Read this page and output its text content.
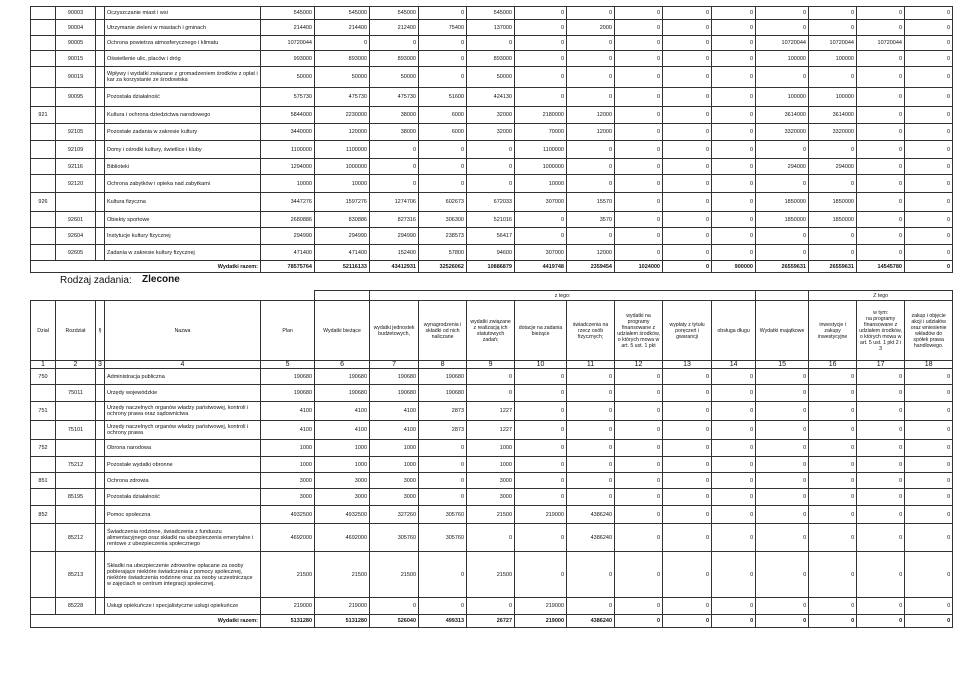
	90003		Oczyszczanie miast i wsi	545000	545000	545000	0	545000	0	0	0	0	0	0	0	0	0
	90004		Utrzymanie zieleni w miastach i gminach	214400	214400	212400	75400	137000	0	2000	0	0	0	0	0	0	0
	90005		Ochrona powietrza atmosferycznego i klimatu	10720044	0	0	0	0	0	0	0	0	0	10720044	10720044	10720044	0
	90015		Oświetlenie ulic, placów i dróg	993000	893000	893000	0	893000	0	0	0	0	0	100000	100000	0	0
	90019		Wpływy i wydatki związane z gromadzeniem środków z opłat i kar za korzystanie ze środowiska	50000	50000	50000	0	50000	0	0	0	0	0	0	0	0	0
	90095		Pozostała działalność	575730	475730	475730	51600	424130	0	0	0	0	0	100000	100000	0	0
921			Kultura i ochrona dziedzictwa narodowego	5844000	2230000	38000	6000	32000	2180000	12000	0	0	0	3614000	3614000	0	0
	92105		Pozostałe zadania w zakresie kultury	3440000	120000	38000	6000	32000	70000	12000	0	0	0	3320000	3320000	0	0
	92109		Domy i ośrodki kultury, świetlice i kluby	1100000	1100000	0	0	0	1100000	0	0	0	0	0	0	0	0
	92116		Biblioteki	1294000	1000000	0	0	0	1000000	0	0	0	0	294000	294000	0	0
	92120		Ochrona zabytków i opieka nad zabytkami	10000	10000	0	0	0	10000	0	0	0	0	0	0	0	0
926			Kultura fizyczna	3447276	1597276	1274706	602673	672033	307000	15570	0	0	0	1850000	1850000	0	0
	92601		Obiekty sportowe	2680886	830886	827316	306300	521016	0	3570	0	0	0	1850000	1850000	0	0
	92604		Instytucje kultury fizycznej	294990	294990	294990	238573	56417	0	0	0	0	0	0	0	0	0
	92605		Zadania w zakresie kultury fizycznej	471400	471400	152400	57800	94600	307000	12000	0	0	0	0	0	0	0
Wydatki razem:				78575764	52116133	43412931	32526062	10886879	4419748	2359454	1024000	0	900000	26559631	26559631	14545780	0
Rodzaj zadania: Zlecone
						z tego:									Z tego		
Dział	Rozdział	§	Nazwa	Plan	Wydatki bieżące	wydatki jednostek budżetowych,	wynagrodzenia i składki od nich naliczane	wydatki związane z realizacją ich statutowych zadań;	dotacje na zadania bieżące	świadczenia na rzecz osób fizycznych;	wydatki na programy finansowane z udziałem środków, o których mowa w art. 5 ust. 1 pkt	wypłaty z tytułu poręczeń i gwarancji	obsługa długu	Wydatki majątkowe	inwestycje i zakupy inwestycyjne	w tym:
na programy finansowane z udziałem środków, o których mowa w art. 5 ust. 1 pkt 2 i 3	zakup i objęcie akcji i udziałów oraz wniesienie wkładów do spółek prawa handlowego.
1	2	3	4	5	6	7	8	9	10	11	12	13	14	15	16	17	18
750			Administracja publiczna	190680	190680	190680	190680	0	0	0	0	0	0	0	0	0	0
	75011		Urzędy wojewódzkie	190680	190680	190680	190680	0	0	0	0	0	0	0	0	0	0
751			Urzędy naczelnych organów władzy państwowej, kontroli i ochrony prawa oraz sądownictwa	4100	4100	4100	2873	1227	0	0	0	0	0	0	0	0	0
	75101		Urzędy naczelnych organów władzy państwowej, kontroli i ochrony prawa	4100	4100	4100	2873	1227	0	0	0	0	0	0	0	0	0
752			Obrona narodowa	1000	1000	1000	0	1000	0	0	0	0	0	0	0	0	0
	75212		Pozostałe wydatki obronne	1000	1000	1000	0	1000	0	0	0	0	0	0	0	0	0
851			Ochrona zdrowia	3000	3000	3000	0	3000	0	0	0	0	0	0	0	0	0
	85195		Pozostała działalność	3000	3000	3000	0	3000	0	0	0	0	0	0	0	0	0
852			Pomoc społeczna	4932500	4932500	327260	305760	21500	219000	4386240	0	0	0	0	0	0	0
	85212		Świadczenia rodzinne, świadczenia z funduszu alimentacyjnego oraz składki na ubezpieczenia emerytalne i rentowe z ubezpieczenia społecznego	4692000	4692000	305760	305760	0	0	4386240	0	0	0	0	0	0	0
	85213		Składki na ubezpieczenie zdrowotne opłacane za osoby pobierające niektóre świadczenia z pomocy społecznej, niektóre świadczenia rodzinne oraz za osoby uczestniczące w zajęciach w centrum integracji społecznej.	21500	21500	21500	0	21500	0	0	0	0	0	0	0	0	0
	85228		Usługi opiekuńcze i specjalistyczne usługi opiekuńcze	219000	219000	0	0	0	219000	0	0	0	0	0	0	0	0
Wydatki razem:				5131280	5131280	526040	499313	26727	219000	4386240	0	0	0	0	0	0	0
